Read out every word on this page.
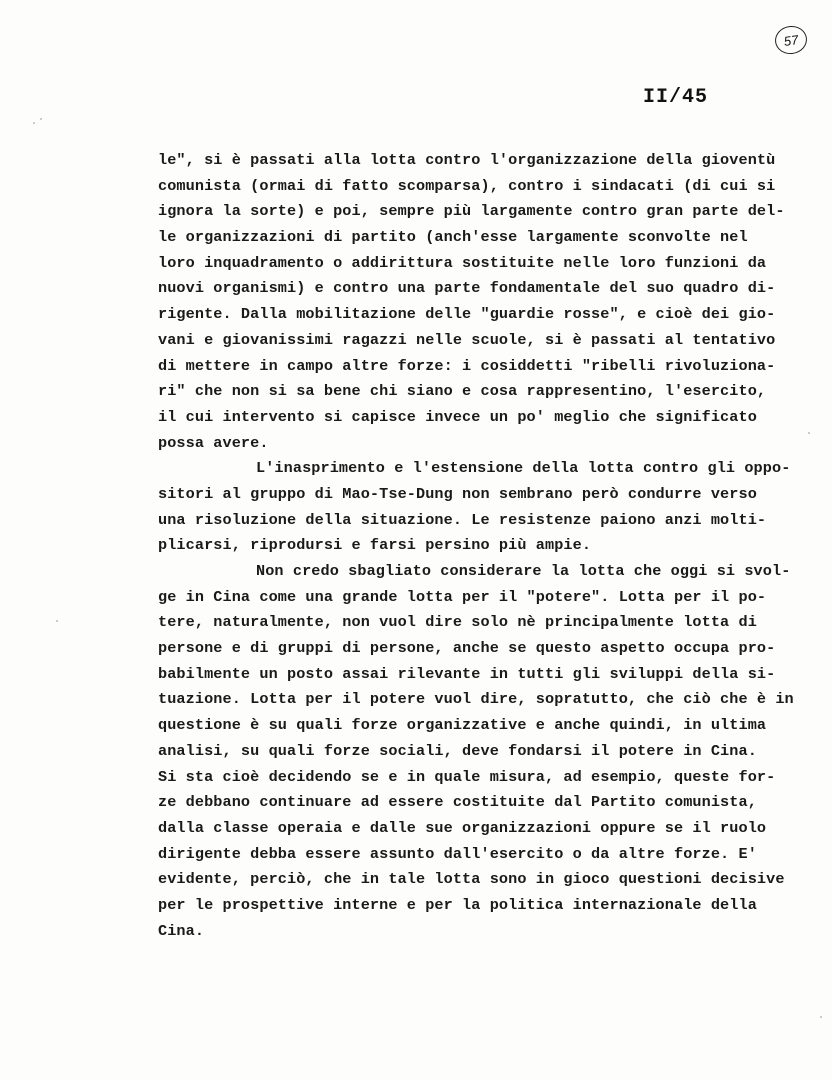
57
II/45
le", si è passati alla lotta contro l'organizzazione della gioventù
comunista (ormai di fatto scomparsa), contro i sindacati (di cui si
ignora la sorte) e poi, sempre più largamente contro gran parte del-
le organizzazioni di partito (anch'esse largamente sconvolte nel
loro inquadramento o addirittura sostituite nelle loro funzioni da
nuovi organismi) e contro una parte fondamentale del suo quadro di-
rigente. Dalla mobilitazione delle "guardie rosse", e cioè dei gio-
vani e giovanissimi ragazzi nelle scuole, si è passati al tentativo
di mettere in campo altre forze: i cosiddetti "ribelli rivoluziona-
ri" che non si sa bene chi siano e cosa rappresentino, l'esercito,
il cui intervento si capisce invece un po' meglio che significato
possa avere.
L'inasprimento e l'estensione della lotta contro gli oppo-
sitori al gruppo di Mao-Tse-Dung non sembrano però condurre verso
una risoluzione della situazione. Le resistenze paiono anzi molti-
plicarsi, riprodursi e farsi persino più ampie.
Non credo sbagliato considerare la lotta che oggi si svol-
ge in Cina come una grande lotta per il "potere". Lotta per il po-
tere, naturalmente, non vuol dire solo nè principalmente lotta di
persone e di gruppi di persone, anche se questo aspetto occupa pro-
babilmente un posto assai rilevante in tutti gli sviluppi della si-
tuazione. Lotta per il potere vuol dire, sopratutto, che ciò che è in
questione è su quali forze organizzative e anche quindi, in ultima
analisi, su quali forze sociali, deve fondarsi il potere in Cina.
Si sta cioè decidendo se e in quale misura, ad esempio, queste for-
ze debbano continuare ad essere costituite dal Partito comunista,
dalla classe operaia e dalle sue organizzazioni oppure se il ruolo
dirigente debba essere assunto dall'esercito o da altre forze. E'
evidente, perciò, che in tale lotta sono in gioco questioni decisive
per le prospettive interne e per la politica internazionale della
Cina.
